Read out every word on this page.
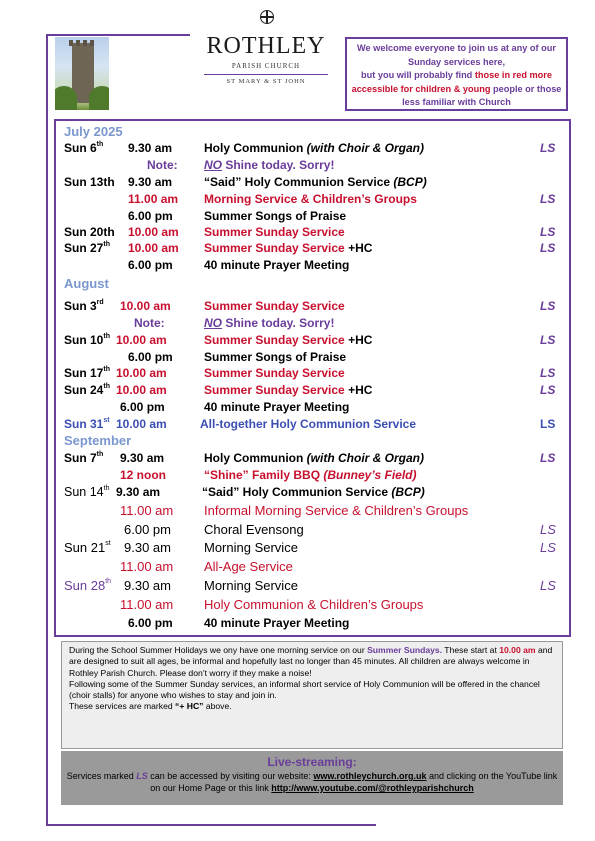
ROTHLEY
PARISH CHURCH
ST MARY & ST JOHN
We welcome everyone to join us at any of our Sunday services here,
but you will probably find those in red more accessible for children & young people or those less familiar with Church
July 2025
Sun 6th 9.30 am	Holy Communion (with Choir & Organ)	LS
Note: NO Shine today. Sorry!
Sun 13th 9.30 am	“Said” Holy Communion Service (BCP)
11.00 am Morning Service & Children’s Groups	LS
6.00 pm	Summer Songs of Praise
Sun 20th 10.00 am Summer Sunday Service	LS
Sun 27th 10.00 am Summer Sunday Service +HC	LS
6.00 pm	40 minute Prayer Meeting
August
Sun 3rd 10.00 am	Summer Sunday Service	LS
Note:	NO Shine today. Sorry!
Sun 10th 10.00 am	Summer Sunday Service +HC	LS
6.00 pm	Summer Songs of Praise
Sun 17th 10.00 am	Summer Sunday Service	LS
Sun 24th 10.00 am	Summer Sunday Service +HC	LS
6.00 pm	40 minute Prayer Meeting
Sun 31st 10.00 am	All-together Holy Communion Service	LS
September
Sun 7th 9.30 am	Holy Communion (with Choir & Organ)	LS
12 noon	“Shine” Family BBQ (Bunney’s Field)
Sun 14th 9.30 am	“Said” Holy Communion Service (BCP)
11.00 am Informal Morning Service & Children’s Groups
6.00 pm	Choral Evensong	LS
Sun 21st 9.30 am	Morning Service	LS
11.00 am All-Age Service
Sun 28th 9.30 am	Morning Service	LS
11.00 am Holy Communion & Children’s Groups
6.00 pm	40 minute Prayer Meeting
During the School Summer Holidays we ony have one morning service on our Summer Sundays. These start at 10.00 am and are designed to suit all ages, be informal and hopefully last no longer than 45 minutes. All children are always welcome in Rothley Parish Church. Please don’t worry if they make a noise!
Following some of the Summer Sunday services, an informal short service of Holy Communion will be offered in the chancel (choir stalls) for anyone who wishes to stay and join in.
These services are marked “+ HC” above.
Live-streaming:
Services marked LS can be accessed by visiting our website: www.rothleychurch.org.uk and clicking on the YouTube link on our Home Page or this link http://www.youtube.com/@rothleyparishchurch
